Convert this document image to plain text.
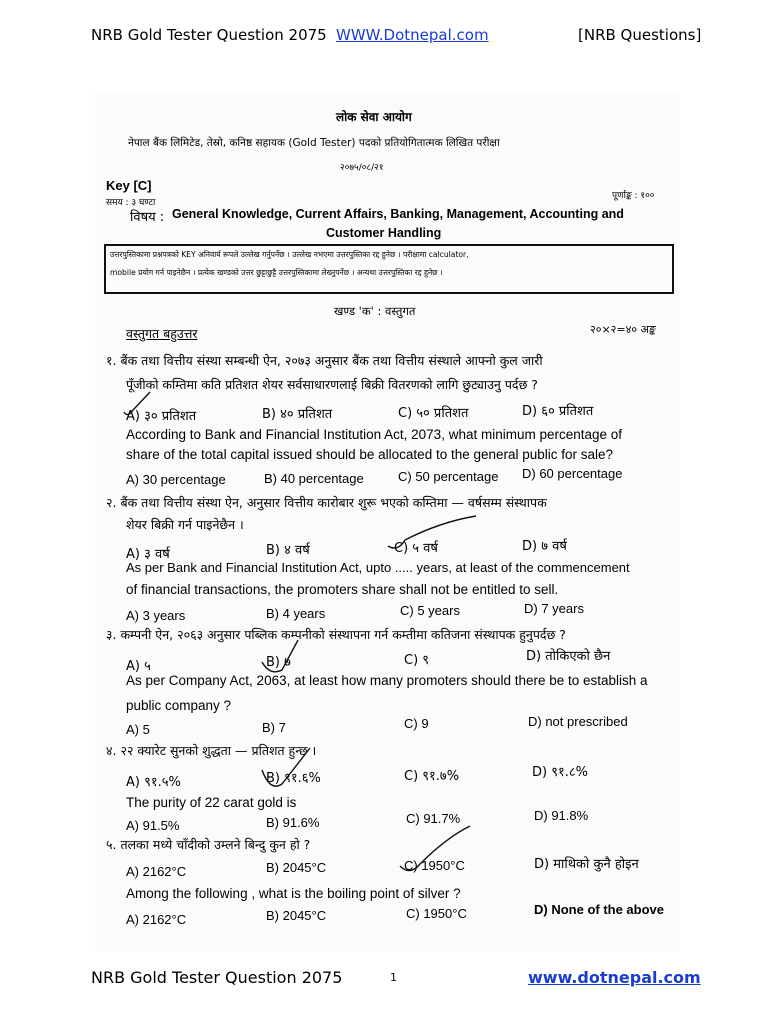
NRB Gold Tester Question 2075 WWW.Dotnepal.com	[NRB Questions]
लोक सेवा आयोग
नेपाल बैंक लिमिटेड, तेस्रो, कनिष्ठ सहायक (Gold Tester) पदको प्रतियोगितात्मक लिखित परीक्षा
२०७५/०८/२१
Key [C]
समय : ३ घण्टा
पूर्णाङ्क : १००
विषय : General Knowledge, Current Affairs, Banking, Management, Accounting and
Customer Handling
उत्तरपुस्तिकामा प्रश्नपत्रको KEY अनिवार्य रूपले उल्लेख गर्नुपर्नेछ । उल्लेख नभएमा उत्तरपुस्तिका रद्द हुनेछ । परीक्षामा calculator,
mobile प्रयोग गर्न पाइनेछैन । प्रत्येक खण्डको उत्तर छुट्टाछुट्टै उत्तरपुस्तिकामा लेख्नुपर्नेछ । अन्यथा उत्तरपुस्तिका रद्द हुनेछ ।
खण्ड 'क' : वस्तुगत
वस्तुगत बहुउत्तर	२०×२=४० अङ्क
१. बैंक तथा वित्तीय संस्था सम्बन्धी ऐन, २०७३ अनुसार बैंक तथा वित्तीय संस्थाले आफ्नो कुल जारी
पूँजीको कम्तिमा कति प्रतिशत शेयर सर्वसाधारणलाई बिक्री वितरणको लागि छुट्याउनु पर्दछ ?
A) ३० प्रतिशत	B) ४० प्रतिशत	C) ५० प्रतिशत	D) ६० प्रतिशत
According to Bank and Financial Institution Act, 2073, what minimum percentage of
share of the total capital issued should be allocated to the general public for sale?
A) 30 percentage	B) 40 percentage	C) 50 percentage D) 60 percentage
२. बैंक तथा वित्तीय संस्था ऐन, अनुसार वित्तीय कारोबार शुरू भएको कम्तिमा — वर्षसम्म संस्थापक
शेयर बिक्री गर्न पाइनेछैन ।
A) ३ वर्ष	B) ४ वर्ष	C) ५ वर्ष	D) ७ वर्ष
As per Bank and Financial Institution Act, upto ..... years, at least of the commencement
of financial transactions, the promoters share shall not be entitled to sell.
A) 3 years	B) 4 years	C) 5 years	D) 7 years
३. कम्पनी ऐन, २०६३ अनुसार पब्लिक कम्पनीको संस्थापना गर्न कम्तीमा कतिजना संस्थापक हुनुपर्दछ ?
A) ५	B) ७	C) ९	D) तोकिएको छैन
As per Company Act, 2063, at least how many promoters should there be to establish a
public company ?
A) 5	B) 7	C) 9	D) not prescribed
४. २२ क्यारेट सुनको शुद्धता — प्रतिशत हुन्छ ।
A) ९१.५%	B) ९१.६%	C) ९१.७%	D) ९१.८%
The purity of 22 carat gold is
A) 91.5%	B) 91.6%	C) 91.7%	D) 91.8%
५. तलका मध्ये चाँदीको उम्लने बिन्दु कुन हो ?
A) 2162°C	B) 2045°C	C) 1950°C	D) माथिको कुनै होइन
Among the following , what is the boiling point of silver ?
A) 2162°C	B) 2045°C	C) 1950°C	D) None of the above
NRB Gold Tester Question 2075	1	www.dotnepal.com
